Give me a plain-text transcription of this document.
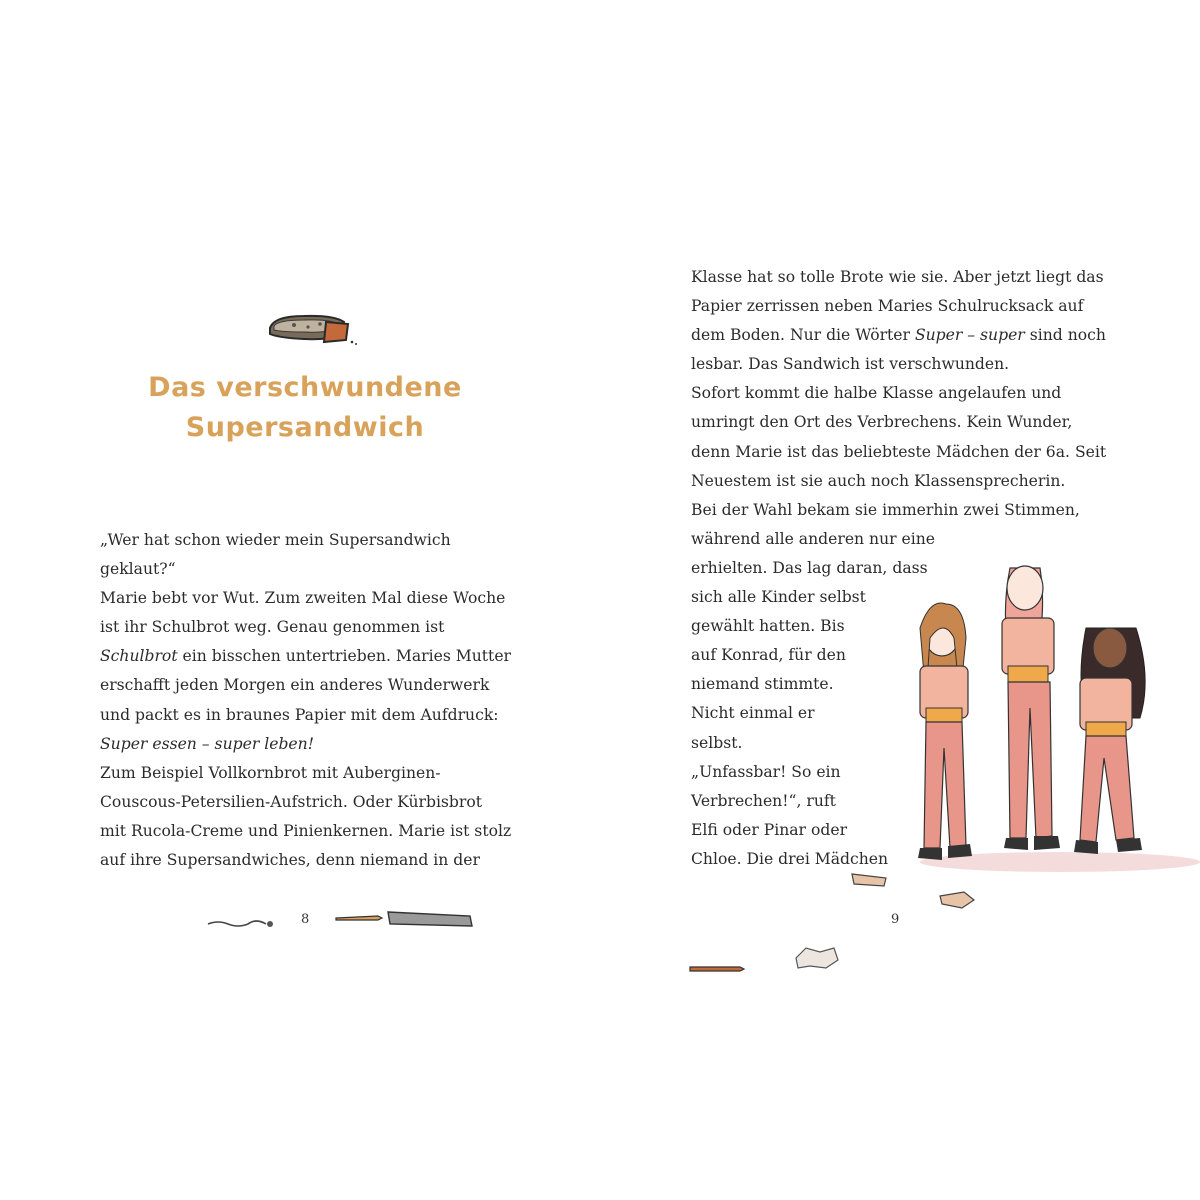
Das verschwundene
Supersandwich
„Wer hat schon wieder mein Supersandwich
geklaut?“
Marie bebt vor Wut. Zum zweiten Mal diese Woche
ist ihr Schulbrot weg. Genau genommen ist
Schulbrot ein bisschen untertrieben. Maries Mutter
erschafft jeden Morgen ein anderes Wunderwerk
und packt es in braunes Papier mit dem Aufdruck:
Super essen – super leben!
Zum Beispiel Vollkornbrot mit Auberginen-
Couscous-Petersilien-Aufstrich. Oder Kürbisbrot
mit Rucola-Creme und Pinienkernen. Marie ist stolz
auf ihre Supersandwiches, denn niemand in der
8
Klasse hat so tolle Brote wie sie. Aber jetzt liegt das
Papier zerrissen neben Maries Schulrucksack auf
dem Boden. Nur die Wörter Super – super sind noch
lesbar. Das Sandwich ist verschwunden.
Sofort kommt die halbe Klasse angelaufen und
umringt den Ort des Verbrechens. Kein Wunder,
denn Marie ist das beliebteste Mädchen der 6a. Seit
Neuestem ist sie auch noch Klassensprecherin.
Bei der Wahl bekam sie immerhin zwei Stimmen,
während alle anderen nur eine
erhielten. Das lag daran, dass
sich alle Kinder selbst
gewählt hatten. Bis
auf Konrad, für den
niemand stimmte.
Nicht einmal er
selbst.
„Unfassbar! So ein
Verbrechen!“, ruft
Elfi oder Pinar oder
Chloe. Die drei Mädchen
9
